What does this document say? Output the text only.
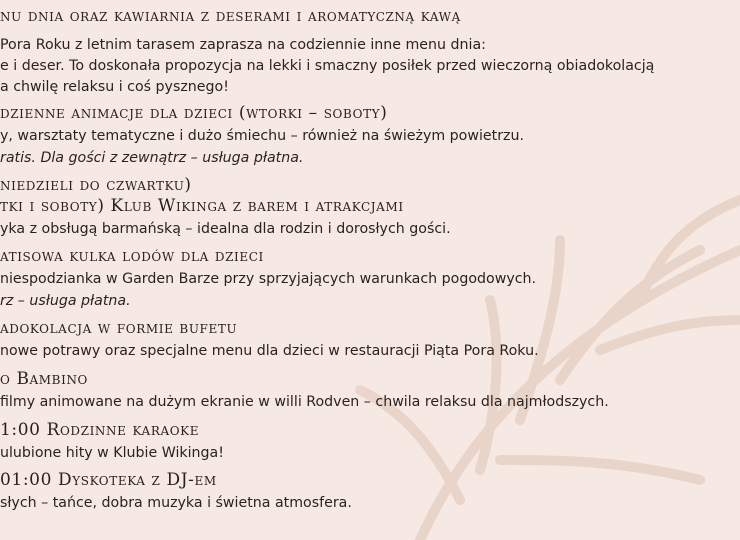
nu dnia oraz kawiarnia z deserami i aromatyczną kawą
Pora Roku z letnim tarasem zaprasza na codziennie inne menu dnia:
e i deser. To doskonała propozycja na lekki i smaczny posiłek przed wieczorną obiadokolacją
a chwilę relaksu i coś pysznego!
dzienne animacje dla dzieci (wtorki – soboty)
y, warsztaty tematyczne i dużo śmiechu – również na świeżym powietrzu.
ratis. Dla gości z zewnątrz – usługa płatna.
niedzieli do czwartku)
tki i soboty) Klub Wikinga z barem i atrakcjami
yka z obsługą barmańską – idealna dla rodzin i dorosłych gości.
atisowa kulka lodów dla dzieci
niespodzianka w Garden Barze przy sprzyjających warunkach pogodowych.
rz – usługa płatna.
adokolacja w formie bufetu
nowe potrawy oraz specjalne menu dla dzieci w restauracji Piąta Pora Roku.
o Bambino
filmy animowane na dużym ekranie w willi Rodven – chwila relaksu dla najmłodszych.
1:00 Rodzinne karaoke
ulubione hity w Klubie Wikinga!
01:00 Dyskoteka z DJ-em
słych – tańce, dobra muzyka i świetna atmosfera.
